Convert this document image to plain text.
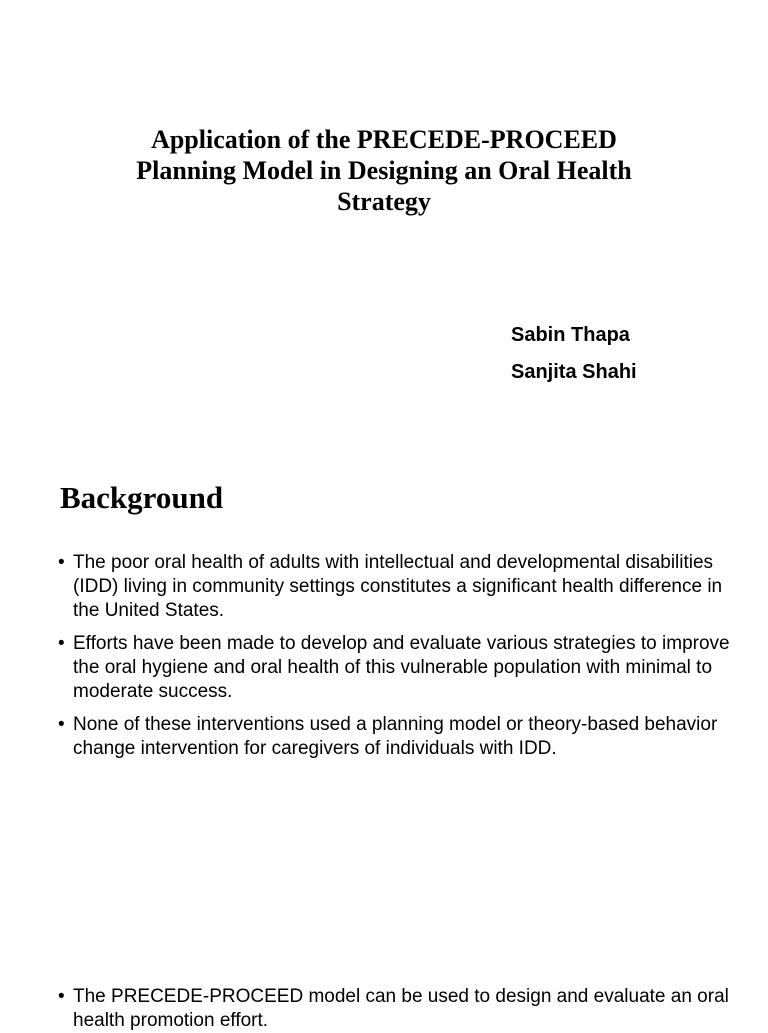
Application of the PRECEDE-PROCEED
Planning Model in Designing an Oral Health
Strategy
Sabin Thapa
Sanjita Shahi
Background
• The poor oral health of adults with intellectual and developmental disabilities (IDD) living in community settings constitutes a significant health difference in the United States.
• Efforts have been made to develop and evaluate various strategies to improve the oral hygiene and oral health of this vulnerable population with minimal to moderate success.
• None of these interventions used a planning model or theory-based behavior change intervention for caregivers of individuals with IDD.
• The PRECEDE-PROCEED model can be used to design and evaluate an oral health promotion effort.
